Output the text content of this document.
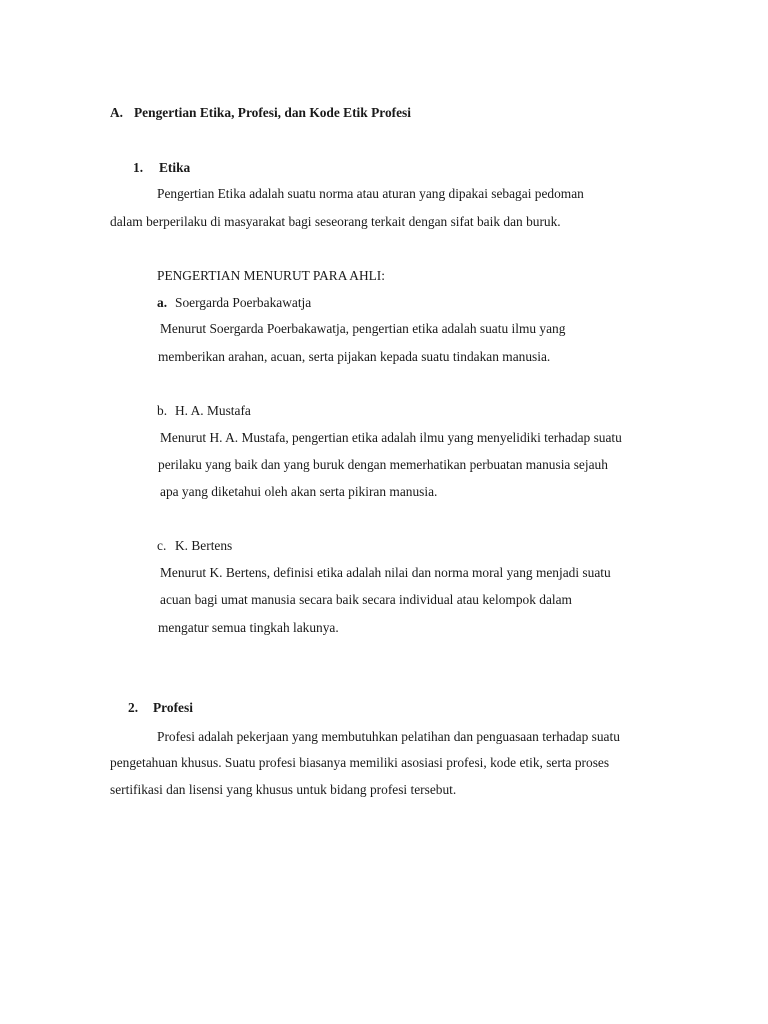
A. Pengertian Etika, Profesi, dan Kode Etik Profesi
1. Etika
Pengertian Etika adalah suatu norma atau aturan yang dipakai sebagai pedoman
dalam berperilaku di masyarakat bagi seseorang terkait dengan sifat baik dan buruk.
PENGERTIAN MENURUT PARA AHLI:
a. Soergarda Poerbakawatja
Menurut Soergarda Poerbakawatja, pengertian etika adalah suatu ilmu yang
memberikan arahan, acuan, serta pijakan kepada suatu tindakan manusia.
b. H. A. Mustafa
Menurut H. A. Mustafa, pengertian etika adalah ilmu yang menyelidiki terhadap suatu
perilaku yang baik dan yang buruk dengan memerhatikan perbuatan manusia sejauh
apa yang diketahui oleh akan serta pikiran manusia.
c. K. Bertens
Menurut K. Bertens, definisi etika adalah nilai dan norma moral yang menjadi suatu
acuan bagi umat manusia secara baik secara individual atau kelompok dalam
mengatur semua tingkah lakunya.
2. Profesi
Profesi adalah pekerjaan yang membutuhkan pelatihan dan penguasaan terhadap suatu
pengetahuan khusus. Suatu profesi biasanya memiliki asosiasi profesi, kode etik, serta proses
sertifikasi dan lisensi yang khusus untuk bidang profesi tersebut.
